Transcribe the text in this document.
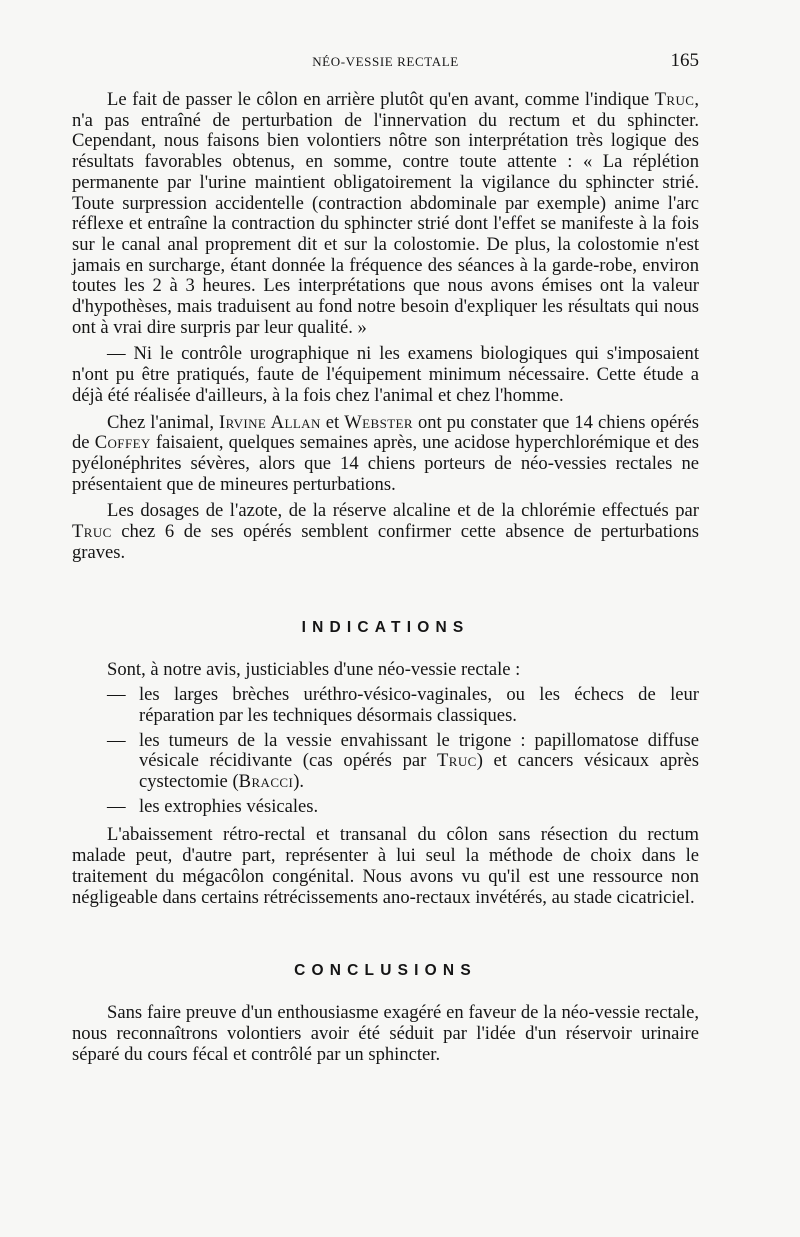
NÉO-VESSIE RECTALE	165

Le fait de passer le côlon en arrière plutôt qu'en avant, comme l'indique Truc, n'a pas entraîné de perturbation de l'innervation du rectum et du sphincter. Cependant, nous faisons bien volontiers nôtre son interprétation très logique des résultats favorables obtenus, en somme, contre toute attente : « La réplétion permanente par l'urine maintient obligatoirement la vigilance du sphincter strié. Toute surpression accidentelle (contraction abdominale par exemple) anime l'arc réflexe et entraîne la contraction du sphincter strié dont l'effet se manifeste à la fois sur le canal anal proprement dit et sur la colostomie. De plus, la colostomie n'est jamais en surcharge, étant donnée la fréquence des séances à la garde-robe, environ toutes les 2 à 3 heures. Les interprétations que nous avons émises ont la valeur d'hypothèses, mais traduisent au fond notre besoin d'expliquer les résultats qui nous ont à vrai dire surpris par leur qualité. »

— Ni le contrôle urographique ni les examens biologiques qui s'imposaient n'ont pu être pratiqués, faute de l'équipement minimum nécessaire. Cette étude a déjà été réalisée d'ailleurs, à la fois chez l'animal et chez l'homme.

Chez l'animal, Irvine Allan et Webster ont pu constater que 14 chiens opérés de Coffey faisaient, quelques semaines après, une acidose hyperchlorémique et des pyélonéphrites sévères, alors que 14 chiens porteurs de néo-vessies rectales ne présentaient que de mineures perturbations.

Les dosages de l'azote, de la réserve alcaline et de la chlorémie effectués par Truc chez 6 de ses opérés semblent confirmer cette absence de perturbations graves.

INDICATIONS

Sont, à notre avis, justiciables d'une néo-vessie rectale :

— les larges brèches uréthro-vésico-vaginales, ou les échecs de leur réparation par les techniques désormais classiques.
— les tumeurs de la vessie envahissant le trigone : papillomatose diffuse vésicale récidivante (cas opérés par Truc) et cancers vésicaux après cystectomie (Bracci).
— les extrophies vésicales.

L'abaissement rétro-rectal et transanal du côlon sans résection du rectum malade peut, d'autre part, représenter à lui seul la méthode de choix dans le traitement du mégacôlon congénital. Nous avons vu qu'il est une ressource non négligeable dans certains rétrécissements ano-rectaux invétérés, au stade cicatriciel.

CONCLUSIONS

Sans faire preuve d'un enthousiasme exagéré en faveur de la néo-vessie rectale, nous reconnaîtrons volontiers avoir été séduit par l'idée d'un réservoir urinaire séparé du cours fécal et contrôlé par un sphincter.
